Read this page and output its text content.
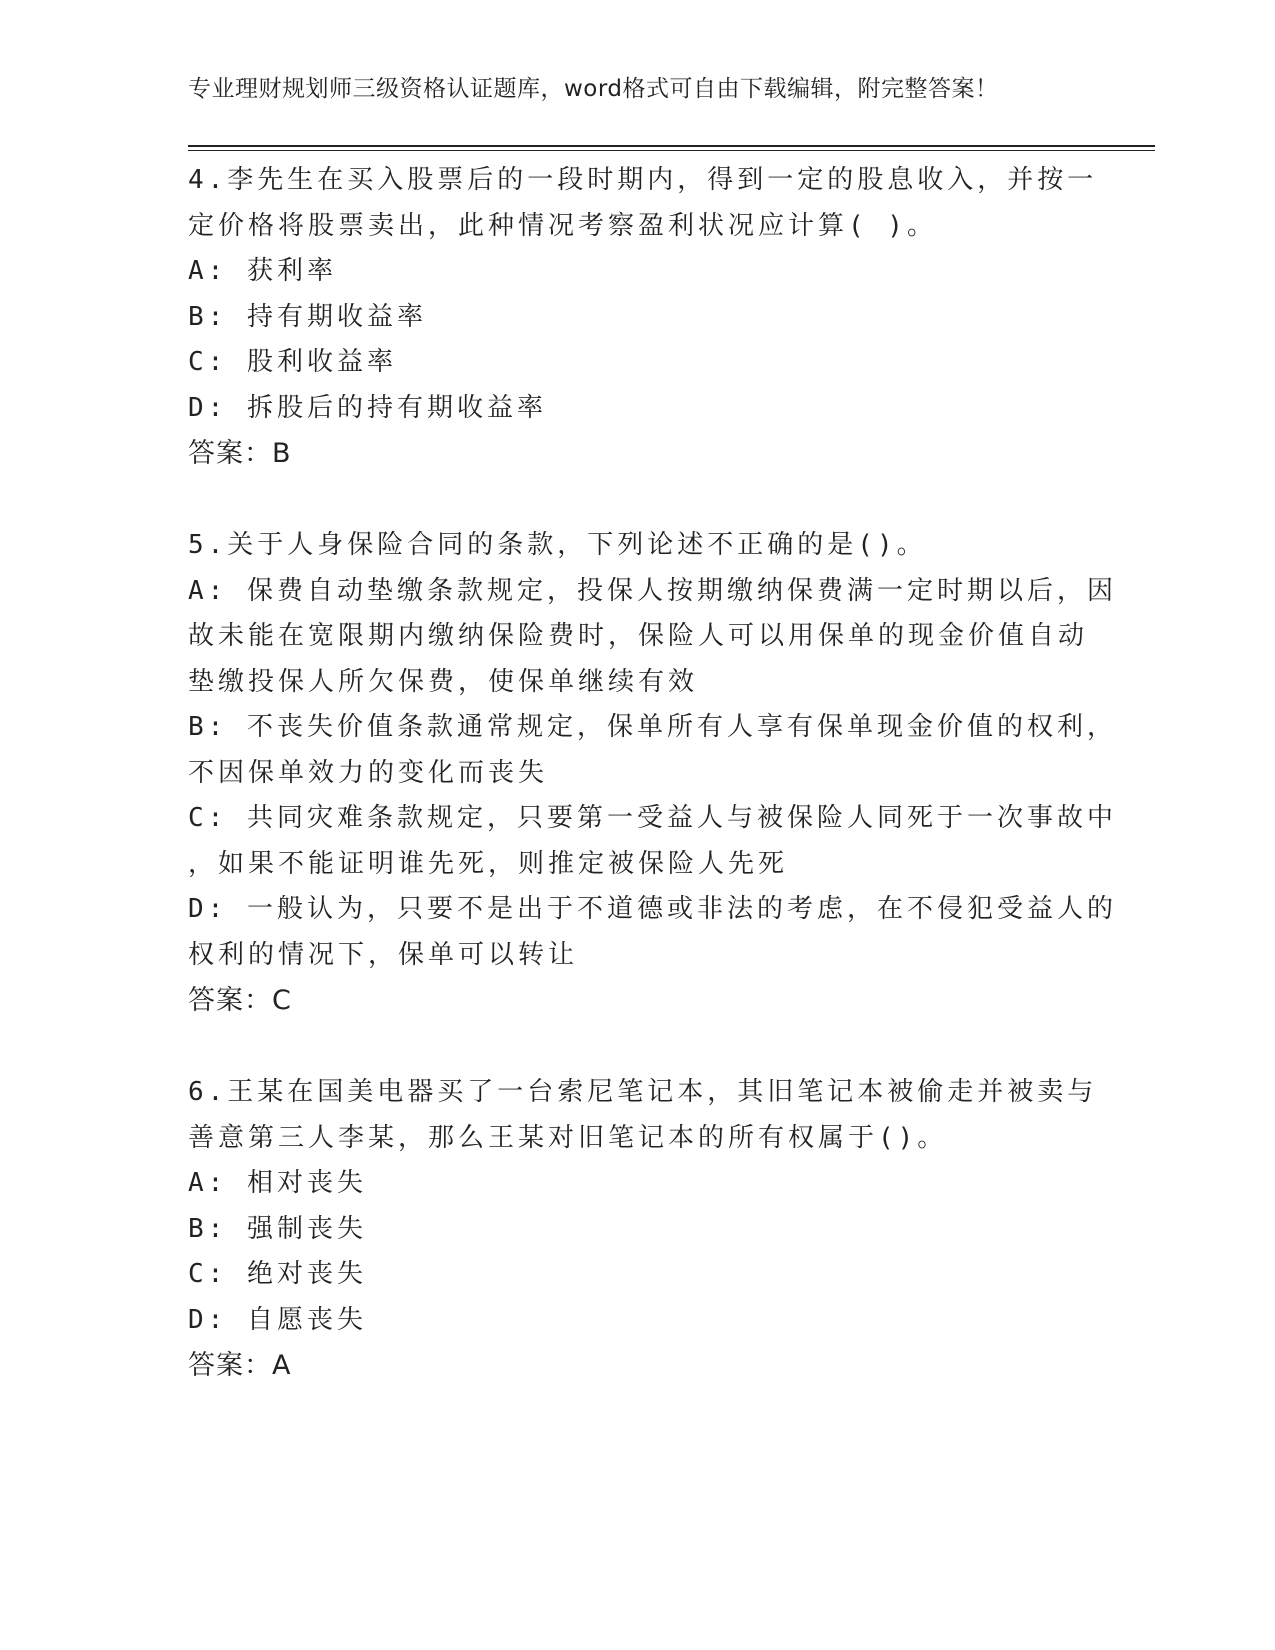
专业理财规划师三级资格认证题库，word格式可自由下载编辑，附完整答案！

4.李先生在买入股票后的一段时期内，得到一定的股息收入，并按一

定价格将股票卖出，此种情况考察盈利状况应计算( )。

A: 获利率

B: 持有期收益率

C: 股利收益率

D: 拆股后的持有期收益率

答案：B

5.关于人身保险合同的条款，下列论述不正确的是()。

A: 保费自动垫缴条款规定，投保人按期缴纳保费满一定时期以后，因

故未能在宽限期内缴纳保险费时，保险人可以用保单的现金价值自动

垫缴投保人所欠保费，使保单继续有效

B: 不丧失价值条款通常规定，保单所有人享有保单现金价值的权利，

不因保单效力的变化而丧失

C: 共同灾难条款规定，只要第一受益人与被保险人同死于一次事故中

，如果不能证明谁先死，则推定被保险人先死

D: 一般认为，只要不是出于不道德或非法的考虑，在不侵犯受益人的

权利的情况下，保单可以转让

答案：C

6.王某在国美电器买了一台索尼笔记本，其旧笔记本被偷走并被卖与

善意第三人李某，那么王某对旧笔记本的所有权属于()。

A: 相对丧失

B: 强制丧失

C: 绝对丧失

D: 自愿丧失

答案：A
